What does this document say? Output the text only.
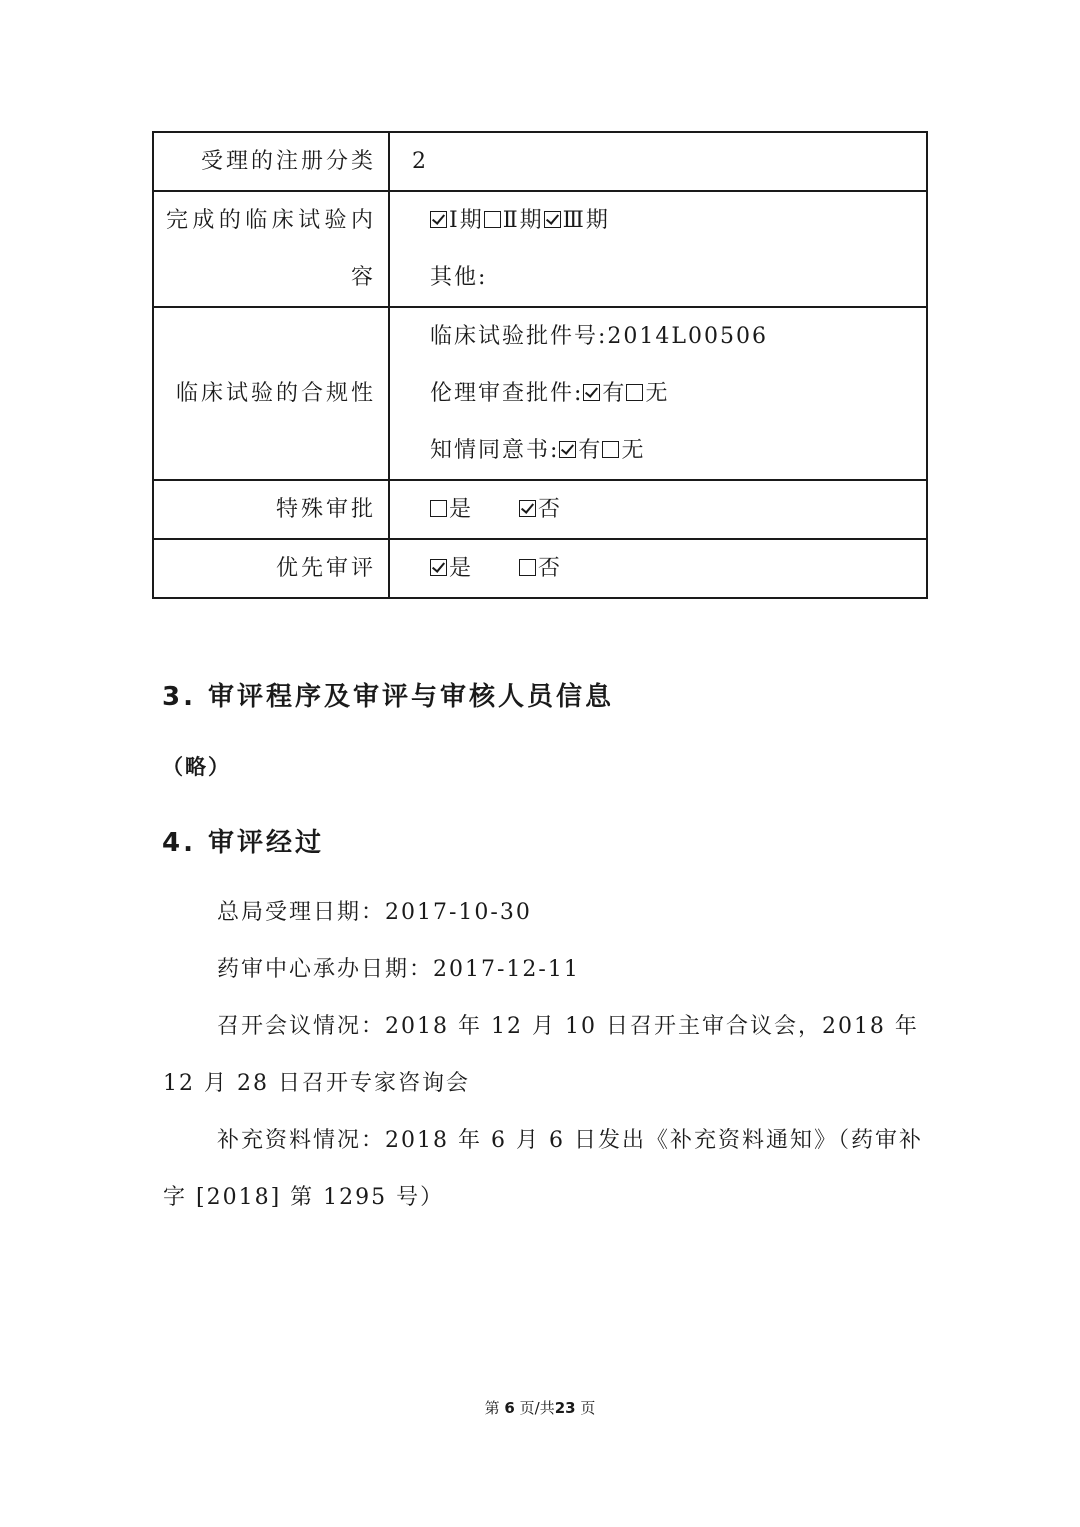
受理的注册分类	2
完成的临床试验内容	Ⅰ期 Ⅱ期 Ⅲ期
其他:

临床试验的合规性	临床试验批件号:2014L00506
伦理审查批件: 有 无
知情同意书: 有 无

特殊审批	是 否
优先审评	是 否
3. 审评程序及审评与审核人员信息
（略）
4. 审评经过

总局受理日期：2017-10-30

药审中心承办日期：2017-12-11

召开会议情况：2018 年 12 月 10 日召开主审合议会，2018 年 12 月 28 日召开专家咨询会

补充资料情况：2018 年 6 月 6 日发出《补充资料通知》（药审补字 [2018] 第 1295 号）

第 6 页/共23 页
